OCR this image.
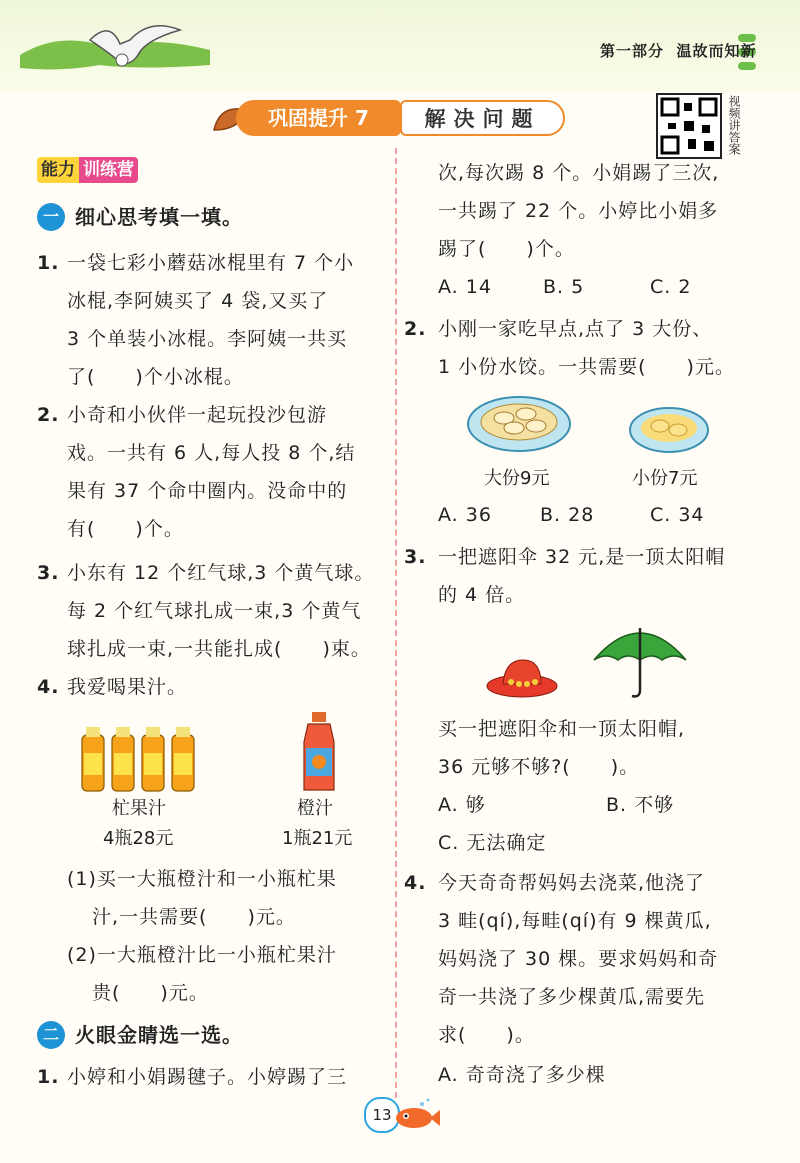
第一部分 温故而知新
巩固提升 7	解决问题	视频讲答案
能力 训练营
一 细心思考填一填。
1. 一袋七彩小蘑菇冰棍里有 7 个小
冰棍,李阿姨买了 4 袋,又买了
3 个单装小冰棍。李阿姨一共买
了(　　)个小冰棍。
2. 小奇和小伙伴一起玩投沙包游
戏。一共有 6 人,每人投 8 个,结
果有 37 个命中圈内。没命中的
有(　　)个。
3. 小东有 12 个红气球,3 个黄气球。
每 2 个红气球扎成一束,3 个黄气
球扎成一束,一共能扎成(　　)束。
4. 我爱喝果汁。
杧果汁
4瓶28元
橙汁
1瓶21元
(1)买一大瓶橙汁和一小瓶杧果
汁,一共需要(　　)元。
(2)一大瓶橙汁比一小瓶杧果汁
贵(　　)元。
二 火眼金睛选一选。
1. 小婷和小娟踢毽子。小婷踢了三
次,每次踢 8 个。小娟踢了三次,
一共踢了 22 个。小婷比小娟多
踢了(　　)个。
A. 14	B. 5	C. 2
2. 小刚一家吃早点,点了 3 大份、
1 小份水饺。一共需要(　　)元。
大份9元	小份7元
A. 36	B. 28	C. 34
3. 一把遮阳伞 32 元,是一顶太阳帽
的 4 倍。
买一把遮阳伞和一顶太阳帽,
36 元够不够?(　　)。
A. 够	B. 不够
C. 无法确定
4. 今天奇奇帮妈妈去浇菜,他浇了
3 畦(qí),每畦(qí)有 9 棵黄瓜,
妈妈浇了 30 棵。要求妈妈和奇
奇一共浇了多少棵黄瓜,需要先
求(　　)。
A. 奇奇浇了多少棵
13
